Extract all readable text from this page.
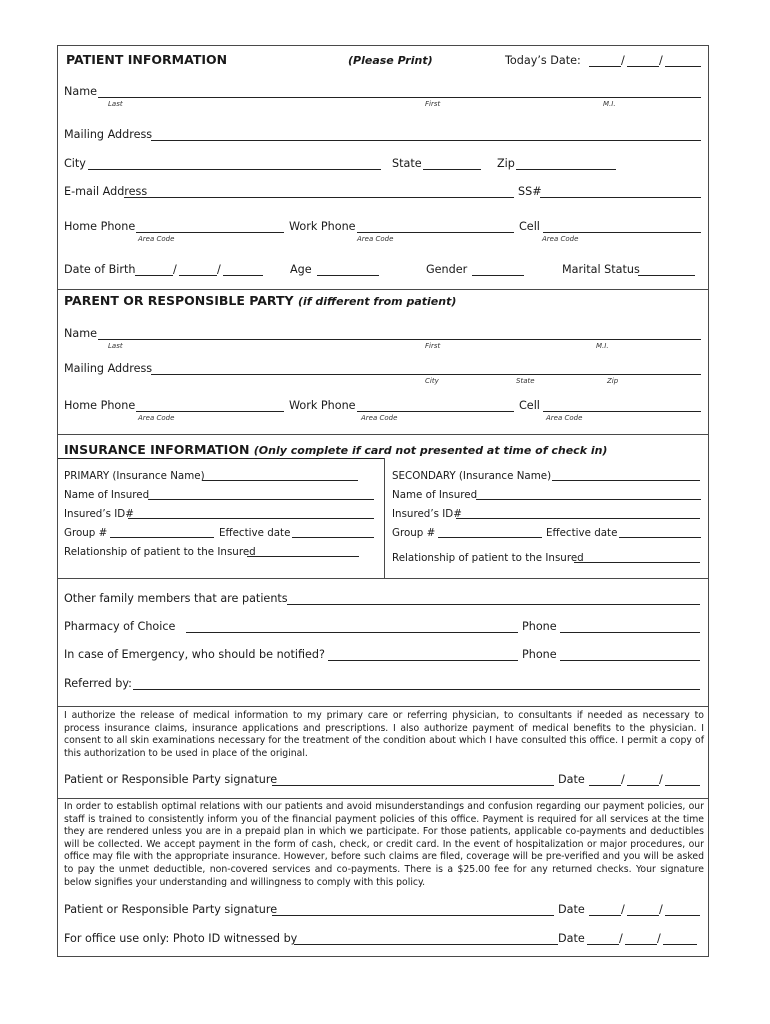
PATIENT INFORMATION	(Please Print)	Today’s Date:	/	/
Name
Last	First	M.I.
Mailing Address
City	State	Zip
E-mail Address	SS#
Home Phone
Area Code
Work Phone
Area Code
Cell
Area Code
Date of Birth	/	/	Age	Gender	Marital Status
PARENT OR RESPONSIBLE PARTY (if different from patient)
Name
Last	First	M.I.
Mailing Address
City	State	Zip
Home Phone
Area Code
Work Phone
Area Code
Cell
Area Code
INSURANCE INFORMATION (Only complete if card not presented at time of check in)
PRIMARY (Insurance Name)
Name of Insured
Insured’s ID#
Group #	Effective date
Relationship of patient to the Insured
SECONDARY (Insurance Name)
Name of Insured
Insured’s ID#
Group #	Effective date
Relationship of patient to the Insured
Other family members that are patients
Pharmacy of Choice	Phone
In case of Emergency, who should be notified?	Phone
Referred by:
I authorize the release of medical information to my primary care or referring physician, to consultants if needed as necessary to process insurance claims, insurance applications and prescriptions. I also authorize payment of medical benefits to the physician. I consent to all skin examinations necessary for the treatment of the condition about which I have consulted this office. I permit a copy of this authorization to be used in place of the original.
Patient or Responsible Party signature	Date	/	/
In order to establish optimal relations with our patients and avoid misunderstandings and confusion regarding our payment policies, our staff is trained to consistently inform you of the financial payment policies of this office. Payment is required for all services at the time they are rendered unless you are in a prepaid plan in which we participate. For those patients, applicable co-payments and deductibles will be collected. We accept payment in the form of cash, check, or credit card. In the event of hospitalization or major procedures, our office may file with the appropriate insurance. However, before such claims are filed, coverage will be pre-verified and you will be asked to pay the unmet deductible, non-covered services and co-payments. There is a $25.00 fee for any returned checks. Your signature below signifies your understanding and willingness to comply with this policy.
Patient or Responsible Party signature	Date	/	/
For office use only: Photo ID witnessed by	Date	/	/
